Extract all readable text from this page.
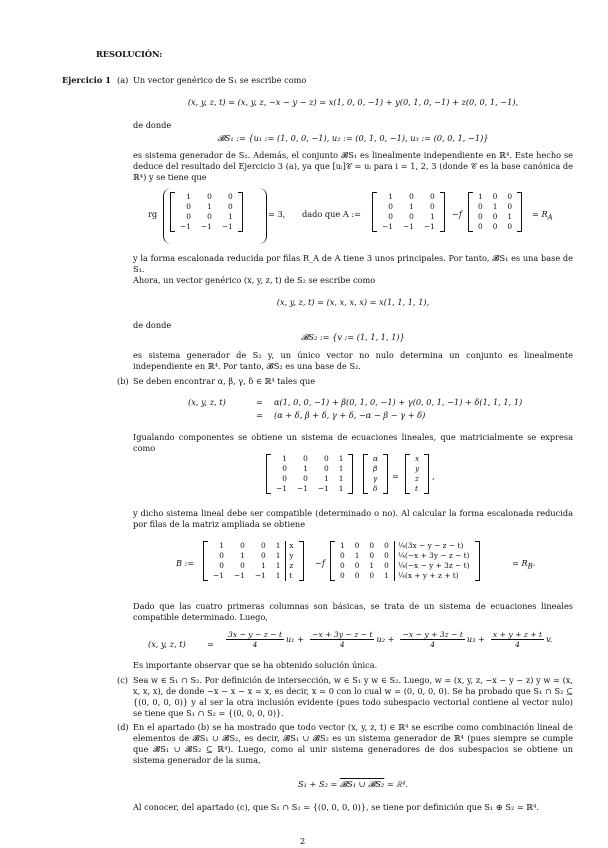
RESOLUCIÓN:
Ejercicio 1 (a) Un vector genérico de S₁ se escribe como
(x, y, z, t) = (x, y, z, −x − y − z) = x(1, 0, 0, −1) + y(0, 1, 0, −1) + z(0, 0, 1, −1),
de donde
𝓑S₁ := {u₁ := (1, 0, 0, −1), u₂ := (0, 1, 0, −1), u₃ := (0, 0, 1, −1)}
es sistema generador de S₁. Además, el conjunto 𝓑S₁ es linealmente independiente en ℝ⁴. Este hecho se deduce del resultado del Ejercicio 3 (a), ya que [uᵢ]𝒞 = uᵢ para i = 1, 2, 3 (donde 𝒞 es la base canónica de ℝ⁴) y se tiene que
rg
1	0	0
0	1	0
0	0	1
−1	−1	−1
= 3, dado que A :=
1	0	0
0	1	0
0	0	1
−1	−1	−1
∼f
1	0	0
0	1	0
0	0	1
0	0	0
= $R_A$
y la forma escalonada reducida por filas R_A de A tiene 3 unos principales. Por tanto, 𝓑S₁ es una base de S₁.
Ahora, un vector genérico (x, y, z, t) de S₂ se escribe como
(x, y, z, t) = (x, x, x, x) = x(1, 1, 1, 1),
de donde
𝓑S₂ := {v := (1, 1, 1, 1)}
es sistema generador de S₂ y, un único vector no nulo determina un conjunto es linealmente independiente en ℝ⁴. Por tanto, 𝓑S₂ es una base de S₂.
(b) Se deben encontrar α, β, γ, δ ∈ ℝ⁴ tales que
(x, y, z, t)	= α(1, 0, 0, −1) + β(0, 1, 0, −1) + γ(0, 0, 1, −1) + δ(1, 1, 1, 1)
= (α + δ, β + δ, γ + δ, −α − β − γ + δ)
Igualando componentes se obtiene un sistema de ecuaciones lineales, que matricialmente se expresa como
1	0	0	1
0	1	0	1
0	0	1	1
−1	−1	−1	1
α
β
γ
δ
=
x
y
z
t
,
y dicho sistema lineal debe ser compatible (determinado o no). Al calcular la forma escalonada reducida por filas de la matriz ampliada se obtiene
B :=
1	0	0	1	x
0	1	0	1	y
0	0	1	1	z
−1	−1	−1	1	t
∼f
1	0	0	0	¼(3x − y − z − t)
0	1	0	0	¼(−x + 3y − z − t)
0	0	1	0	¼(−x − y + 3z − t)
0	0	0	1	¼(x + y + z + t)
= $R_B$.
Dado que las cuatro primeras columnas son básicas, se trata de un sistema de ecuaciones lineales compatible determinado. Luego,
(x, y, z, t)	= $\frac{3x - y - z - t}{4} u_1 + \frac{-x + 3y - z - t}{4} u_2 + \frac{-x - y + 3z - t}{4} u_3 + \frac{x + y + z + t}{4} v$.
Es importante observar que se ha obtenido solución única.
(c) Sea w ∈ S₁ ∩ S₂. Por definición de intersección, w ∈ S₁ y w ∈ S₂. Luego, w = (x, y, z, −x − y − z) y w = (x, x, x, x), de donde −x − x − x = x, es decir, x = 0 con lo cual w = (0, 0, 0, 0). Se ha probado que S₁ ∩ S₂ ⊆ {(0, 0, 0, 0)} y al ser la otra inclusión evidente (pues todo subespacio vectorial contiene al vector nulo) se tiene que S₁ ∩ S₂ = {(0, 0, 0, 0)}.
(d) En el apartado (b) se ha mostrado que todo vector (x, y, z, t) ∈ ℝ⁴ se escribe como combinación lineal de elementos de 𝓑S₁ ∪ 𝓑S₂, es decir, 𝓑S₁ ∪ 𝓑S₂ es un sistema generador de ℝ⁴ (pues siempre se cumple que 𝓑S₁ ∪ 𝓑S₂ ⊆ ℝ⁴). Luego, como al unir sistema generadores de dos subespacios se obtiene un sistema generador de la suma,
S₁ + S₂ = 𝓑S₁ ∪ 𝓑S₂ = ℝ⁴.
Al conocer, del apartado (c), que S₁ ∩ S₂ = {(0, 0, 0, 0)}, se tiene por definición que S₁ ⊕ S₂ = ℝ⁴.
2
